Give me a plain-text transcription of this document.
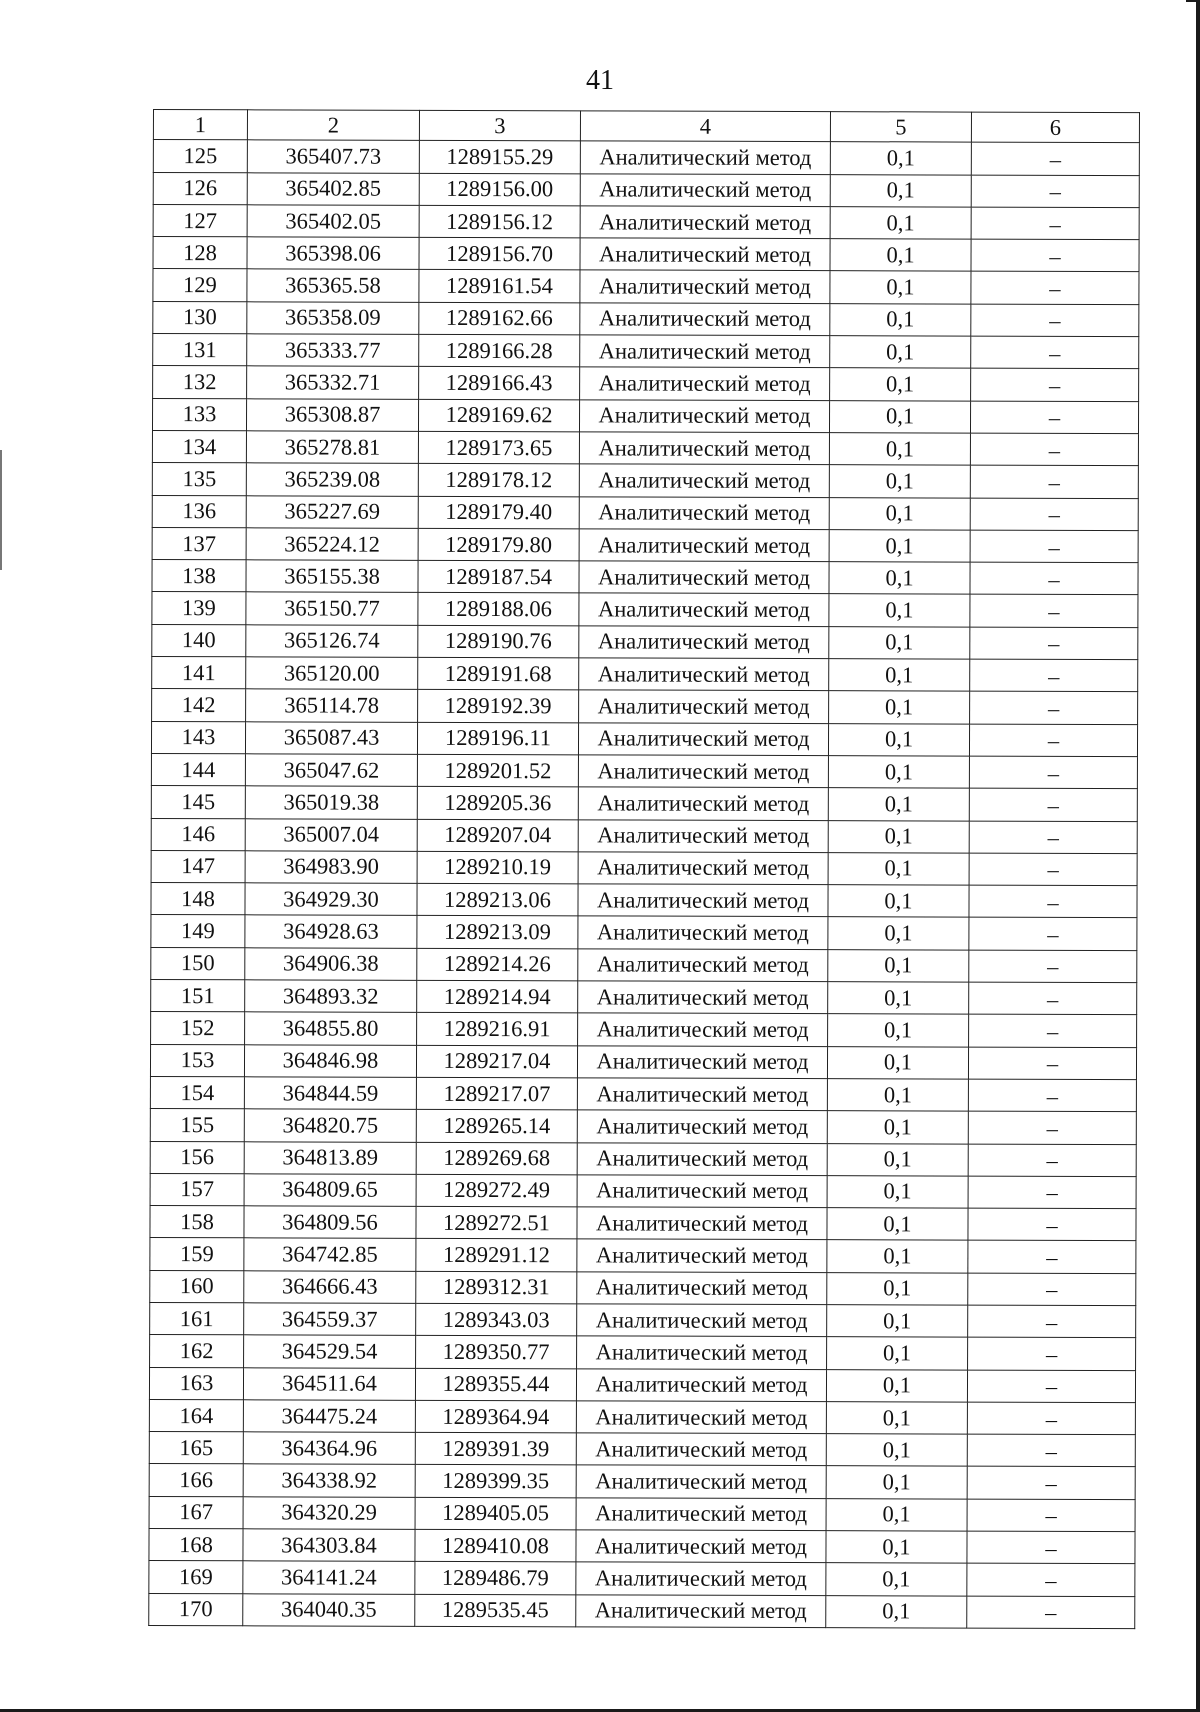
41
1	2	3	4	5	6
125	365407.73	1289155.29	Аналитический метод	0,1	–
126	365402.85	1289156.00	Аналитический метод	0,1	–
127	365402.05	1289156.12	Аналитический метод	0,1	–
128	365398.06	1289156.70	Аналитический метод	0,1	–
129	365365.58	1289161.54	Аналитический метод	0,1	–
130	365358.09	1289162.66	Аналитический метод	0,1	–
131	365333.77	1289166.28	Аналитический метод	0,1	–
132	365332.71	1289166.43	Аналитический метод	0,1	–
133	365308.87	1289169.62	Аналитический метод	0,1	–
134	365278.81	1289173.65	Аналитический метод	0,1	–
135	365239.08	1289178.12	Аналитический метод	0,1	–
136	365227.69	1289179.40	Аналитический метод	0,1	–
137	365224.12	1289179.80	Аналитический метод	0,1	–
138	365155.38	1289187.54	Аналитический метод	0,1	–
139	365150.77	1289188.06	Аналитический метод	0,1	–
140	365126.74	1289190.76	Аналитический метод	0,1	–
141	365120.00	1289191.68	Аналитический метод	0,1	–
142	365114.78	1289192.39	Аналитический метод	0,1	–
143	365087.43	1289196.11	Аналитический метод	0,1	–
144	365047.62	1289201.52	Аналитический метод	0,1	–
145	365019.38	1289205.36	Аналитический метод	0,1	–
146	365007.04	1289207.04	Аналитический метод	0,1	–
147	364983.90	1289210.19	Аналитический метод	0,1	–
148	364929.30	1289213.06	Аналитический метод	0,1	–
149	364928.63	1289213.09	Аналитический метод	0,1	–
150	364906.38	1289214.26	Аналитический метод	0,1	–
151	364893.32	1289214.94	Аналитический метод	0,1	–
152	364855.80	1289216.91	Аналитический метод	0,1	–
153	364846.98	1289217.04	Аналитический метод	0,1	–
154	364844.59	1289217.07	Аналитический метод	0,1	–
155	364820.75	1289265.14	Аналитический метод	0,1	–
156	364813.89	1289269.68	Аналитический метод	0,1	–
157	364809.65	1289272.49	Аналитический метод	0,1	–
158	364809.56	1289272.51	Аналитический метод	0,1	–
159	364742.85	1289291.12	Аналитический метод	0,1	–
160	364666.43	1289312.31	Аналитический метод	0,1	–
161	364559.37	1289343.03	Аналитический метод	0,1	–
162	364529.54	1289350.77	Аналитический метод	0,1	–
163	364511.64	1289355.44	Аналитический метод	0,1	–
164	364475.24	1289364.94	Аналитический метод	0,1	–
165	364364.96	1289391.39	Аналитический метод	0,1	–
166	364338.92	1289399.35	Аналитический метод	0,1	–
167	364320.29	1289405.05	Аналитический метод	0,1	–
168	364303.84	1289410.08	Аналитический метод	0,1	–
169	364141.24	1289486.79	Аналитический метод	0,1	–
170	364040.35	1289535.45	Аналитический метод	0,1	–
